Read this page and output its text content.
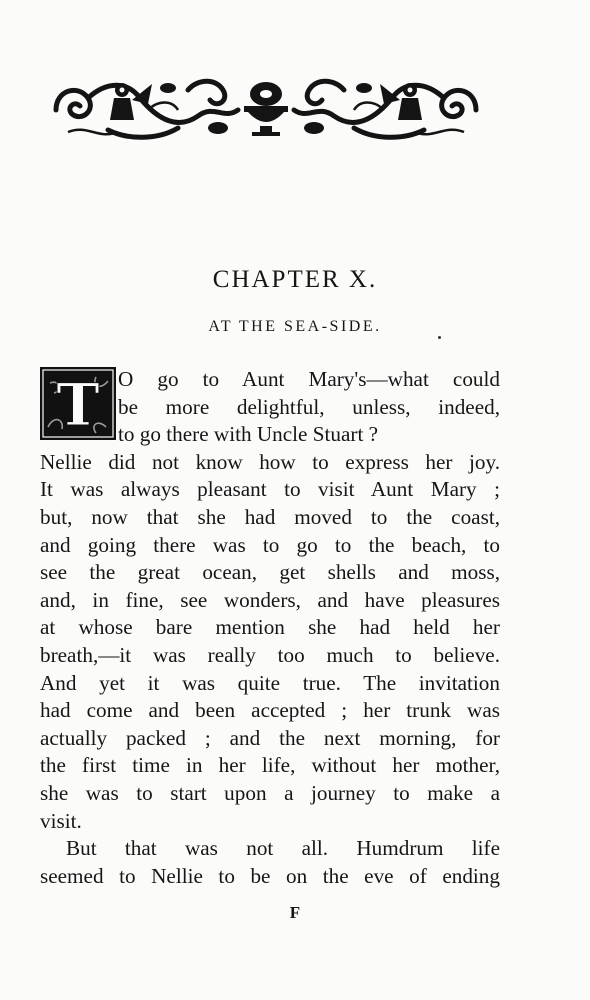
CHAPTER X.
AT THE SEA-SIDE.
T O go to Aunt Mary's—what could
be more delightful, unless, indeed,
to go there with Uncle Stuart ?
Nellie did not know how to express her joy.
It was always pleasant to visit Aunt Mary ;
but, now that she had moved to the coast,
and going there was to go to the beach, to
see the great ocean, get shells and moss,
and, in fine, see wonders, and have pleasures
at whose bare mention she had held her
breath,—it was really too much to believe.
And yet it was quite true. The invitation
had come and been accepted ; her trunk was
actually packed ; and the next morning, for
the first time in her life, without her mother,
she was to start upon a journey to make a
visit.
But that was not all. Humdrum life
seemed to Nellie to be on the eve of ending
F
